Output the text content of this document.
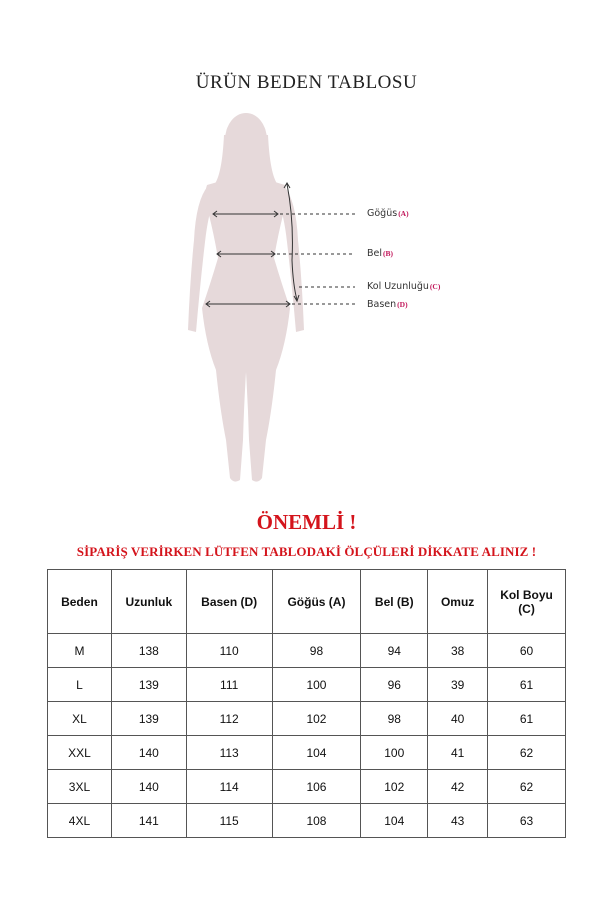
ÜRÜN BEDEN TABLOSU
Göğüs(A)
Bel(B)
Kol Uzunluğu(C)
Basen(D)
ÖNEMLİ !
SİPARİŞ VERİRKEN LÜTFEN TABLODAKİ ÖLÇÜLERİ DİKKATE ALINIZ !
Beden	Uzunluk	Basen (D)	Göğüs (A)	Bel (B)	Omuz	Kol Boyu (C)
M	138	110	98	94	38	60
L	139	111	100	96	39	61
XL	139	112	102	98	40	61
XXL	140	113	104	100	41	62
3XL	140	114	106	102	42	62
4XL	141	115	108	104	43	63
